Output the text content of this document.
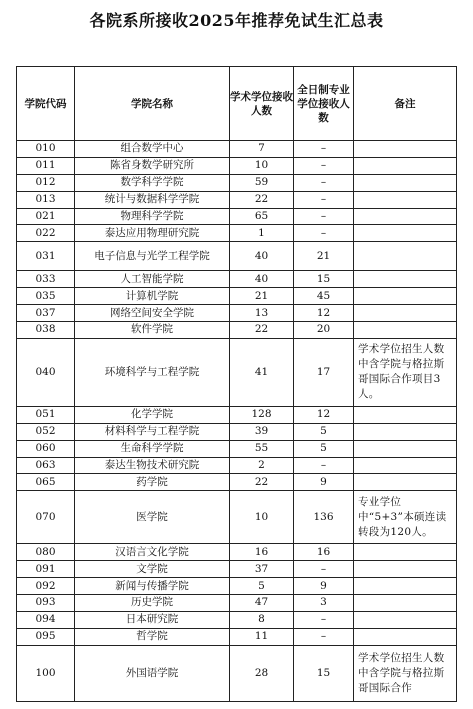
各院系所接收2025年推荐免试生汇总表
学院代码	学院名称	学术学位接收人数	全日制专业学位接收人数	备注
010	组合数学中心	7	–	
011	陈省身数学研究所	10	–	
012	数学科学学院	59	–	
013	统计与数据科学学院	22	–	
021	物理科学学院	65	–	
022	泰达应用物理研究院	1	–	
031	电子信息与光学工程学院	40	21	
033	人工智能学院	40	15	
035	计算机学院	21	45	
037	网络空间安全学院	13	12	
038	软件学院	22	20	
040	环境科学与工程学院	41	17	学术学位招生人数中含学院与格拉斯哥国际合作项目3人。
051	化学学院	128	12	
052	材料科学与工程学院	39	5	
060	生命科学学院	55	5	
063	泰达生物技术研究院	2	–	
065	药学院	22	9	
070	医学院	10	136	专业学位中“5+3”本硕连读转段为120人。
080	汉语言文化学院	16	16	
091	文学院	37	–	
092	新闻与传播学院	5	9	
093	历史学院	47	3	
094	日本研究院	8	–	
095	哲学院	11	–	
100	外国语学院	28	15	学术学位招生人数中含学院与格拉斯哥国际合作
